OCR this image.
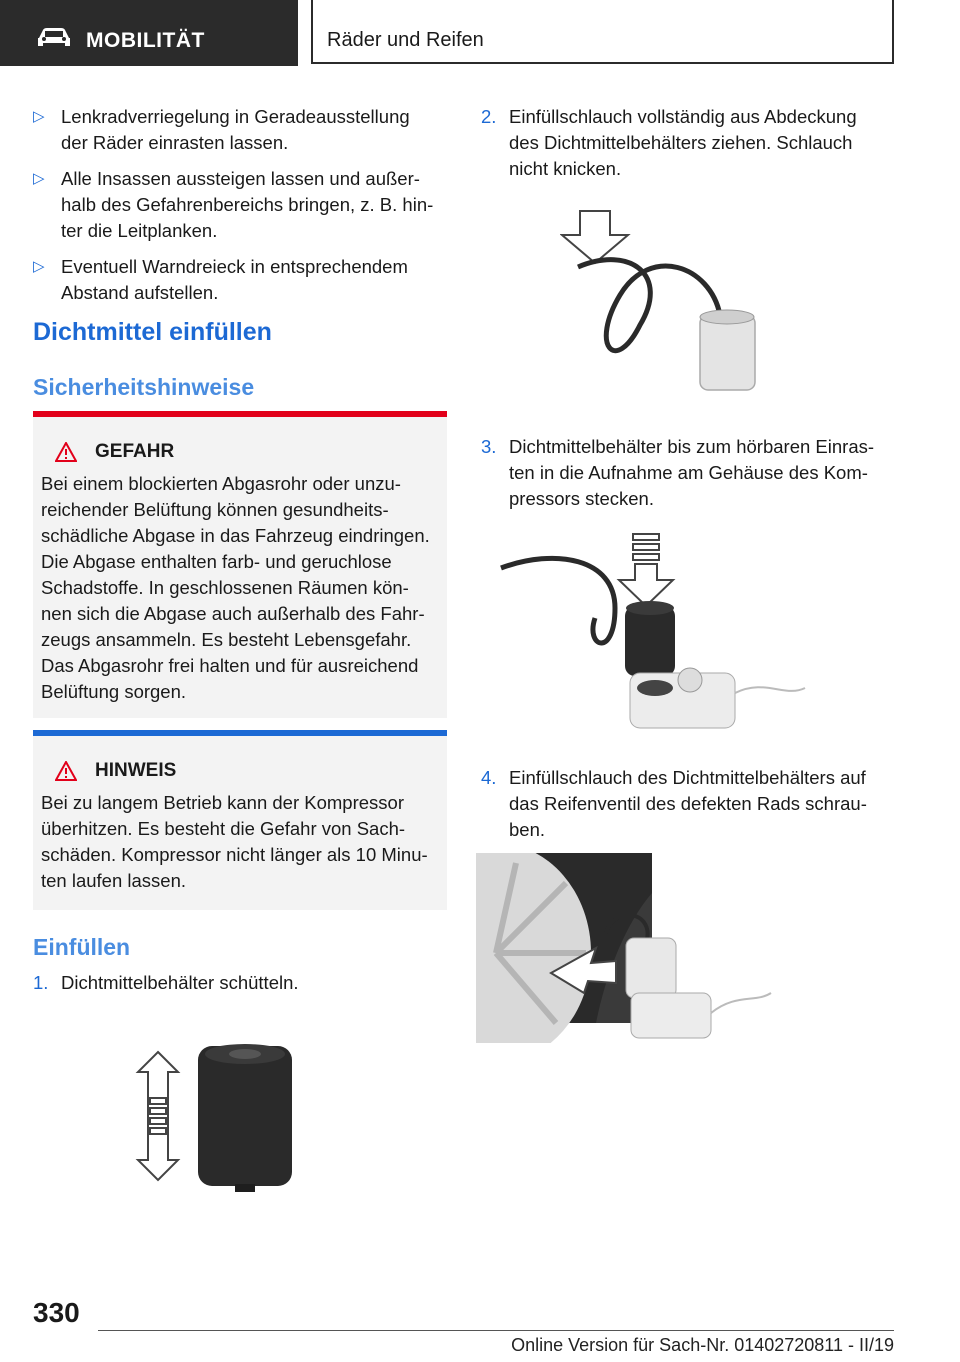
MOBILITÄT	Räder und Reifen
▷ Lenkradverriegelung in Geradeausstellung
der Räder einrasten lassen.
▷ Alle Insassen aussteigen lassen und außer-
halb des Gefahrenbereichs bringen, z. B. hin-
ter die Leitplanken.
▷ Eventuell Warndreieck in entsprechendem
Abstand aufstellen.
Dichtmittel einfüllen
Sicherheitshinweise
GEFAHR
Bei einem blockierten Abgasrohr oder unzu-
reichender Belüftung können gesundheits-
schädliche Abgase in das Fahrzeug eindringen.
Die Abgase enthalten farb- und geruchlose
Schadstoffe. In geschlossenen Räumen kön-
nen sich die Abgase auch außerhalb des Fahr-
zeugs ansammeln. Es besteht Lebensgefahr.
Das Abgasrohr frei halten und für ausreichend
Belüftung sorgen.
HINWEIS
Bei zu langem Betrieb kann der Kompressor
überhitzen. Es besteht die Gefahr von Sach-
schäden. Kompressor nicht länger als 10 Minu-
ten laufen lassen.
Einfüllen
1. Dichtmittelbehälter schütteln.
2. Einfüllschlauch vollständig aus Abdeckung
des Dichtmittelbehälters ziehen. Schlauch
nicht knicken.
3. Dichtmittelbehälter bis zum hörbaren Einras-
ten in die Aufnahme am Gehäuse des Kom-
pressors stecken.
4. Einfüllschlauch des Dichtmittelbehälters auf
das Reifenventil des defekten Rads schrau-
ben.
330
Online Version für Sach-Nr. 01402720811 - II/19
